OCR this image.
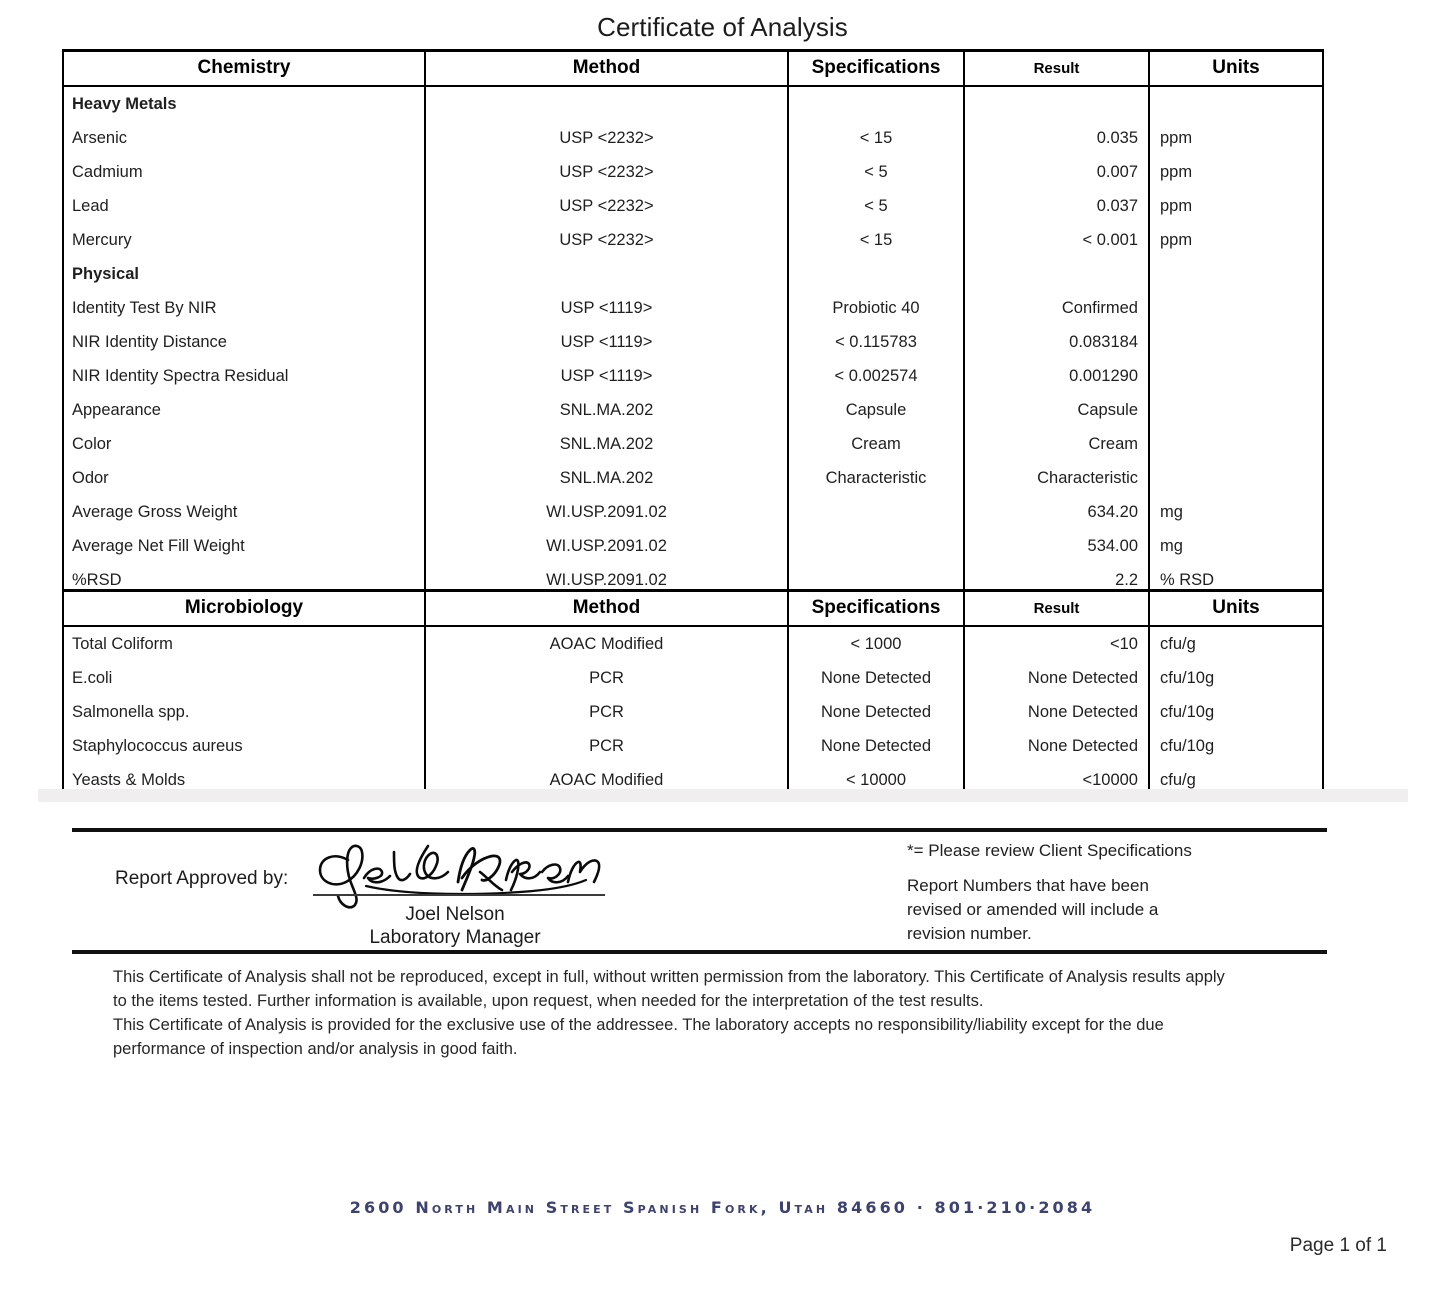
Certificate of Analysis
Chemistry	Method	Specifications	Result	Units
Heavy Metals				
Arsenic	USP <2232>	< 15	0.035	ppm
Cadmium	USP <2232>	< 5	0.007	ppm
Lead	USP <2232>	< 5	0.037	ppm
Mercury	USP <2232>	< 15	< 0.001	ppm
Physical				
Identity Test By NIR	USP <1119>	Probiotic 40	Confirmed	
NIR Identity Distance	USP <1119>	< 0.115783	0.083184	
NIR Identity Spectra Residual	USP <1119>	< 0.002574	0.001290	
Appearance	SNL.MA.202	Capsule	Capsule	
Color	SNL.MA.202	Cream	Cream	
Odor	SNL.MA.202	Characteristic	Characteristic	
Average Gross Weight	WI.USP.2091.02		634.20	mg
Average Net Fill Weight	WI.USP.2091.02		534.00	mg
%RSD	WI.USP.2091.02		2.2	% RSD
Microbiology	Method	Specifications	Result	Units
Total Coliform	AOAC Modified	< 1000	<10	cfu/g
E.coli	PCR	None Detected	None Detected	cfu/10g
Salmonella spp.	PCR	None Detected	None Detected	cfu/10g
Staphylococcus aureus	PCR	None Detected	None Detected	cfu/10g
Yeasts & Molds	AOAC Modified	< 10000	<10000	cfu/g
Report Approved by:
Joel Nelson
Laboratory Manager
*= Please review Client Specifications
Report Numbers that have been
revised or amended will include a
revision number.

This Certificate of Analysis shall not be reproduced, except in full, without written permission from the laboratory. This Certificate of Analysis results apply

to the items tested. Further information is available, upon request, when needed for the interpretation of the test results.

This Certificate of Analysis is provided for the exclusive use of the addressee. The laboratory accepts no responsibility/liability except for the due

performance of inspection and/or analysis in good faith.

2600 North Main Street Spanish Fork, Utah 84660 · 801·210·2084
Page 1 of 1
